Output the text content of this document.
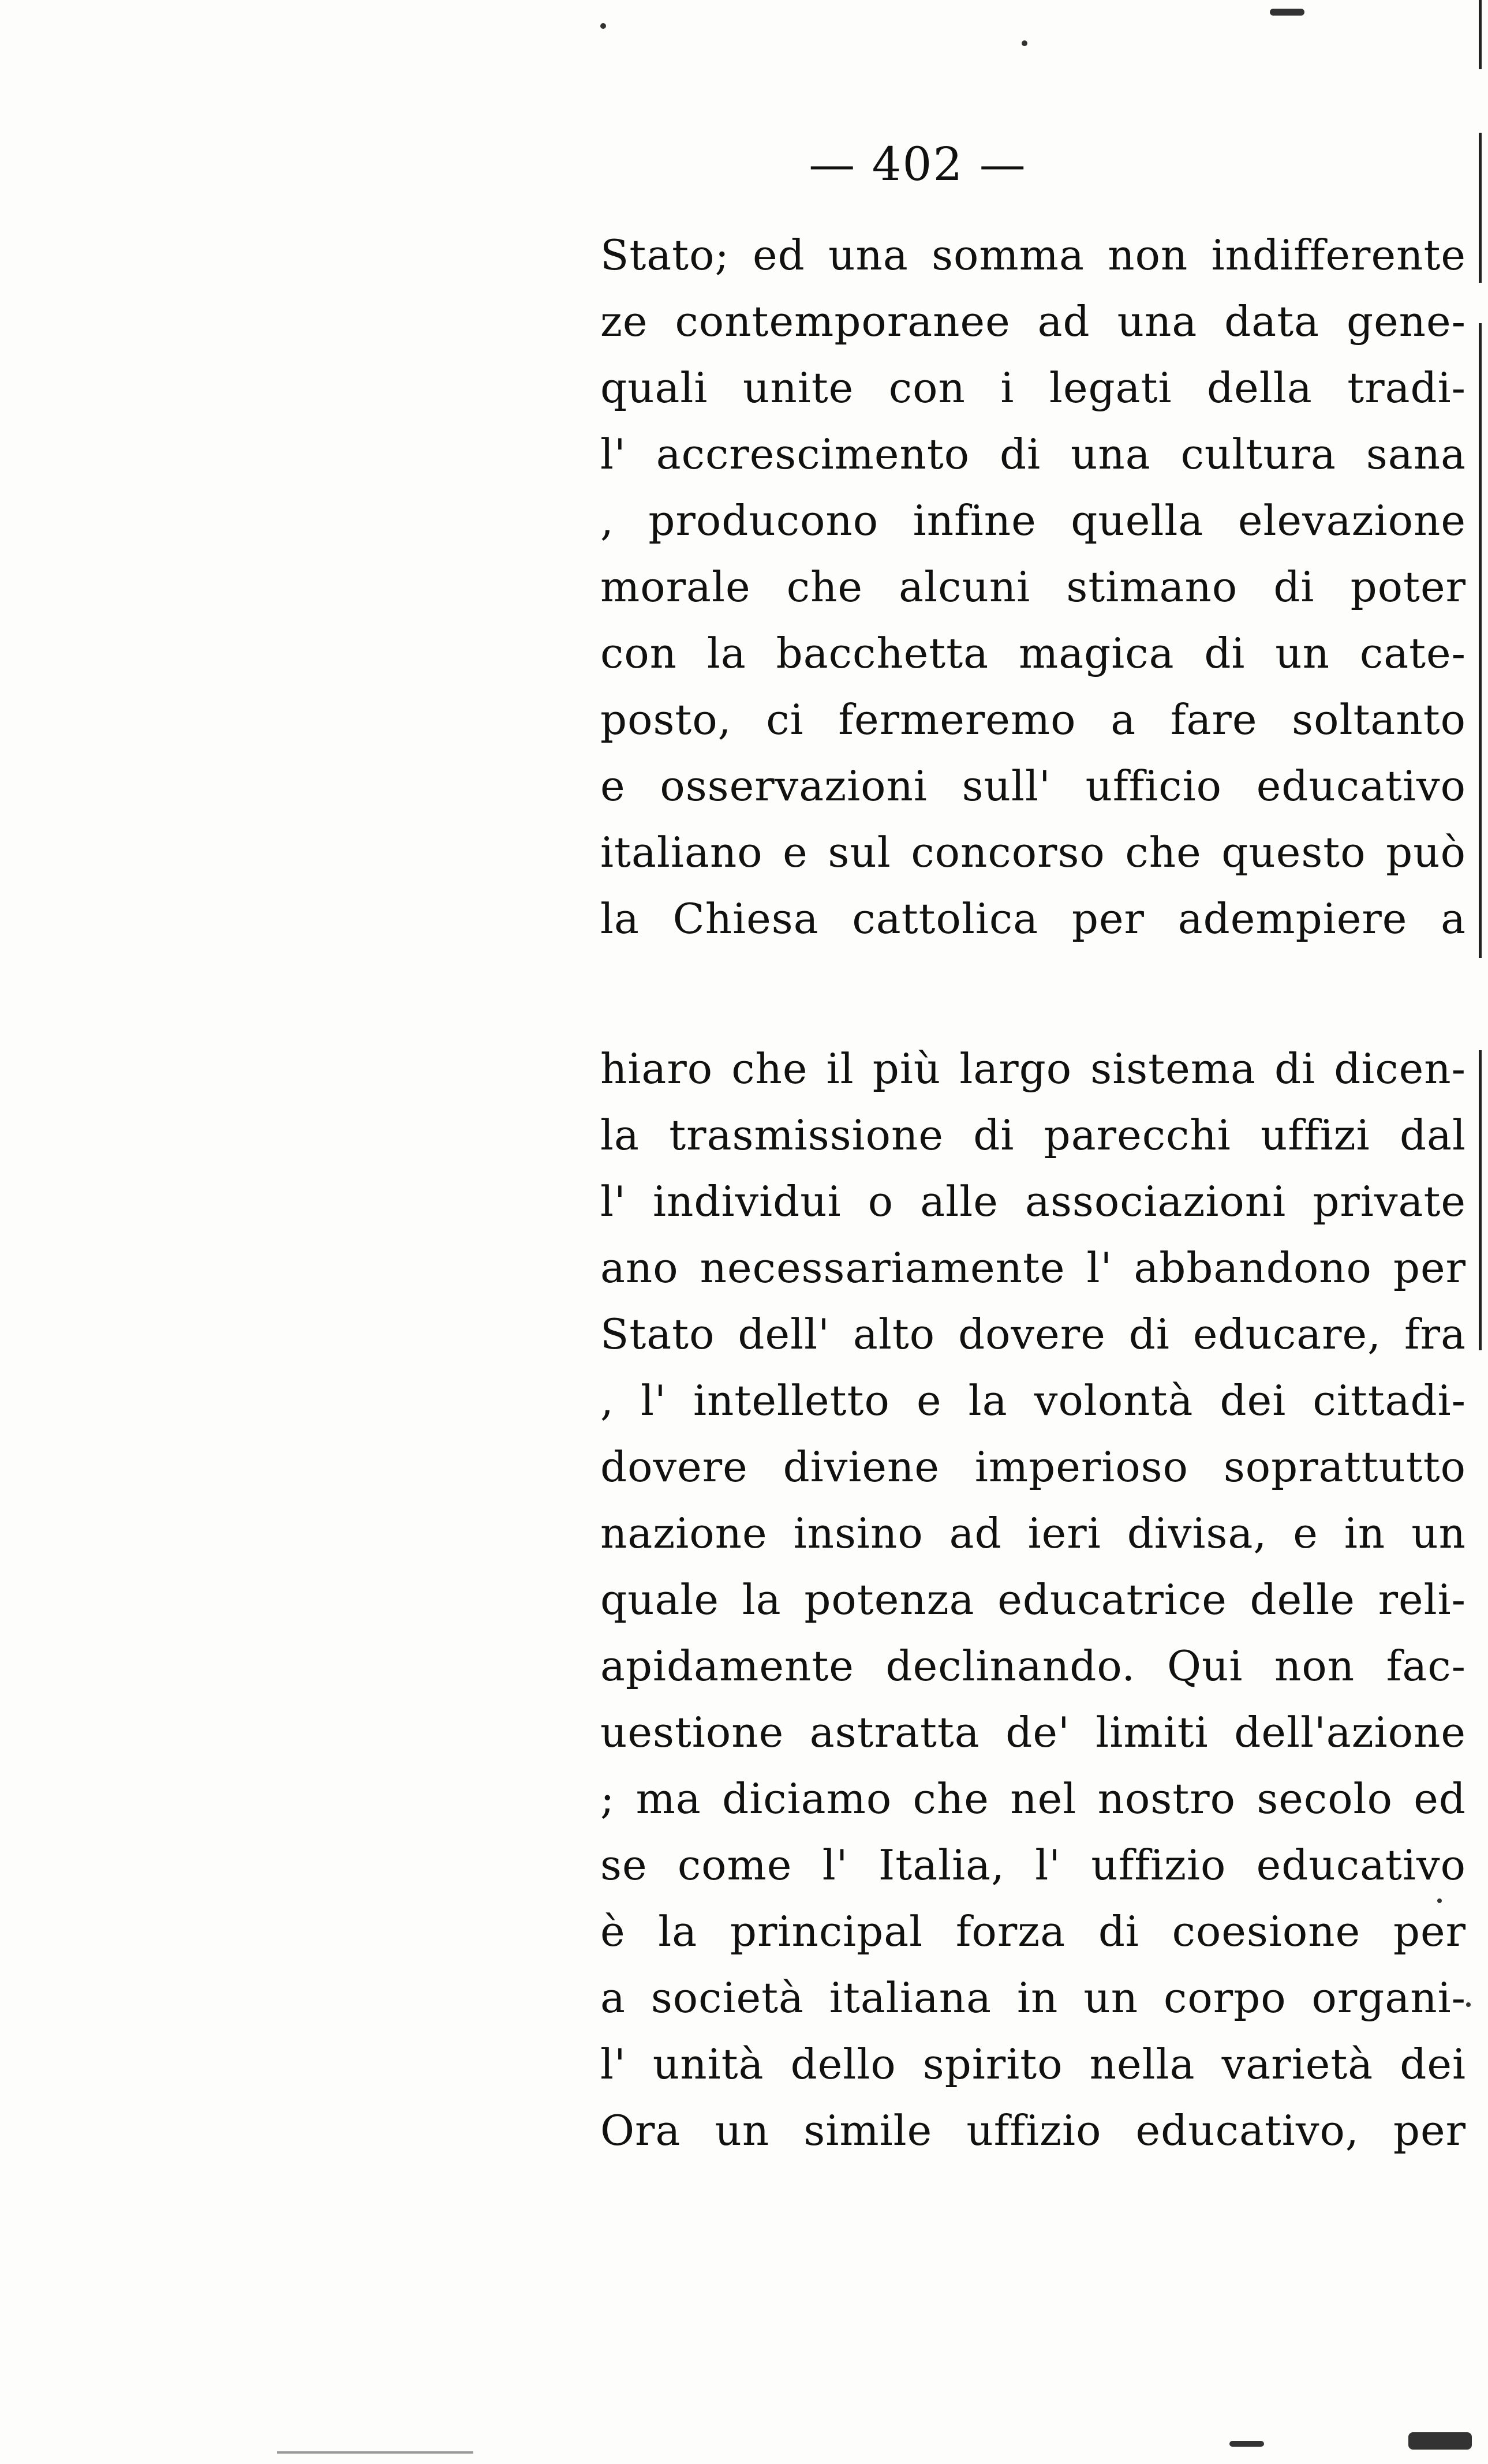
— 402 —
Stato; ed una somma non indifferente
ze contemporanee ad una data gene-
quali unite con i legati della tradi-
l' accrescimento di una cultura sana
, producono infine quella elevazione
morale che alcuni stimano di poter
con la bacchetta magica di un cate-
posto, ci fermeremo a fare soltanto
e osservazioni sull' ufficio educativo
italiano e sul concorso che questo può
la Chiesa cattolica per adempiere a
hiaro che il più largo sistema di dicen-
la trasmissione di parecchi uffizi dal
l' individui o alle associazioni private
ano necessariamente l' abbandono per
Stato dell' alto dovere di educare, fra
, l' intelletto e la volontà dei cittadi-
dovere diviene imperioso soprattutto
nazione insino ad ieri divisa, e in un
quale la potenza educatrice delle reli-
apidamente declinando. Qui non fac-
uestione astratta de' limiti dell'azione
; ma diciamo che nel nostro secolo ed
se come l' Italia, l' uffizio educativo
è la principal forza di coesione per
a società italiana in un corpo organi-
l' unità dello spirito nella varietà dei
Ora un simile uffizio educativo, per
